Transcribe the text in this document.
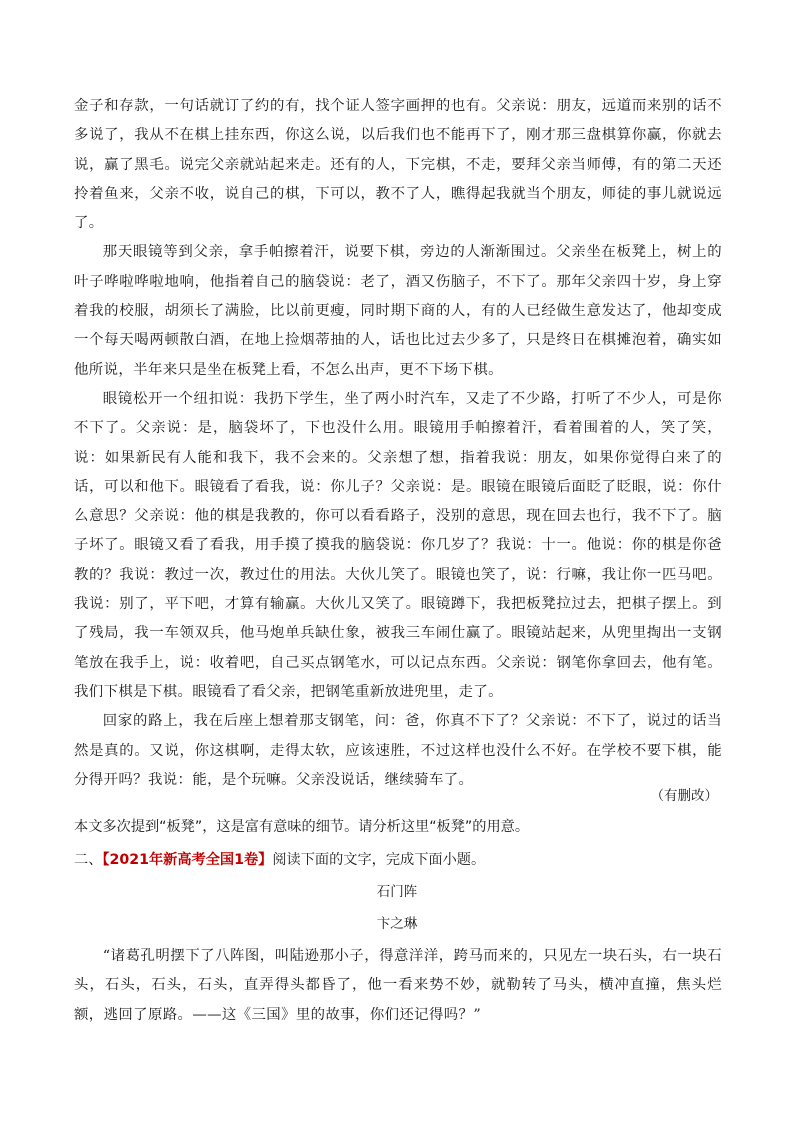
金子和存款，一句话就订了约的有，找个证人签字画押的也有。父亲说：朋友，远道而来别的话不多说了，我从不在棋上挂东西，你这么说，以后我们也不能再下了，刚才那三盘棋算你赢，你就去说，赢了黑毛。说完父亲就站起来走。还有的人，下完棋，不走，要拜父亲当师傅，有的第二天还拎着鱼来，父亲不收，说自己的棋，下可以，教不了人，瞧得起我就当个朋友，师徒的事儿就说远了。

那天眼镜等到父亲，拿手帕擦着汗，说要下棋，旁边的人渐渐围过。父亲坐在板凳上，树上的叶子哗啦哗啦地响，他指着自己的脑袋说：老了，酒又伤脑子，不下了。那年父亲四十岁，身上穿着我的校服，胡须长了满脸，比以前更瘦，同时期下商的人，有的人已经做生意发达了，他却变成一个每天喝两顿散白酒，在地上捡烟蒂抽的人，话也比过去少多了，只是终日在棋摊泡着，确实如他所说，半年来只是坐在板凳上看，不怎么出声，更不下场下棋。

眼镜松开一个纽扣说：我扔下学生，坐了两小时汽车，又走了不少路，打听了不少人，可是你不下了。父亲说：是，脑袋坏了，下也没什么用。眼镜用手帕擦着汗，看着围着的人，笑了笑，说：如果新民有人能和我下，我不会来的。父亲想了想，指着我说：朋友，如果你觉得白来了的话，可以和他下。眼镜看了看我，说：你儿子？父亲说：是。眼镜在眼镜后面眨了眨眼，说：你什么意思？父亲说：他的棋是我教的，你可以看看路子，没别的意思，现在回去也行，我不下了。脑子坏了。眼镜又看了看我，用手摸了摸我的脑袋说：你几岁了？我说：十一。他说：你的棋是你爸教的？我说：教过一次，教过仕的用法。大伙儿笑了。眼镜也笑了，说：行嘛，我让你一匹马吧。我说：别了，平下吧，才算有输赢。大伙儿又笑了。眼镜蹲下，我把板凳拉过去，把棋子摆上。到了残局，我一车领双兵，他马炮单兵缺仕象，被我三车闹仕赢了。眼镜站起来，从兜里掏出一支钢笔放在我手上，说：收着吧，自己买点钢笔水，可以记点东西。父亲说：钢笔你拿回去，他有笔。我们下棋是下棋。眼镜看了看父亲，把钢笔重新放进兜里，走了。

回家的路上，我在后座上想着那支钢笔，问：爸，你真不下了？父亲说：不下了，说过的话当然是真的。又说，你这棋啊，走得太软，应该速胜，不过这样也没什么不好。在学校不要下棋，能分得开吗？我说：能，是个玩嘛。父亲没说话，继续骑车了。

（有删改）
本文多次提到“板凳”，这是富有意味的细节。请分析这里“板凳”的用意。
二、【2021年新高考全国1卷】阅读下面的文字，完成下面小题。
石门阵
卞之琳

“诸葛孔明摆下了八阵图，叫陆逊那小子，得意洋洋，跨马而来的，只见左一块石头，右一块石头，石头，石头，石头，直弄得头都昏了，他一看来势不妙，就勒转了马头，横冲直撞，焦头烂额，逃回了原路。——这《三国》里的故事，你们还记得吗？”
